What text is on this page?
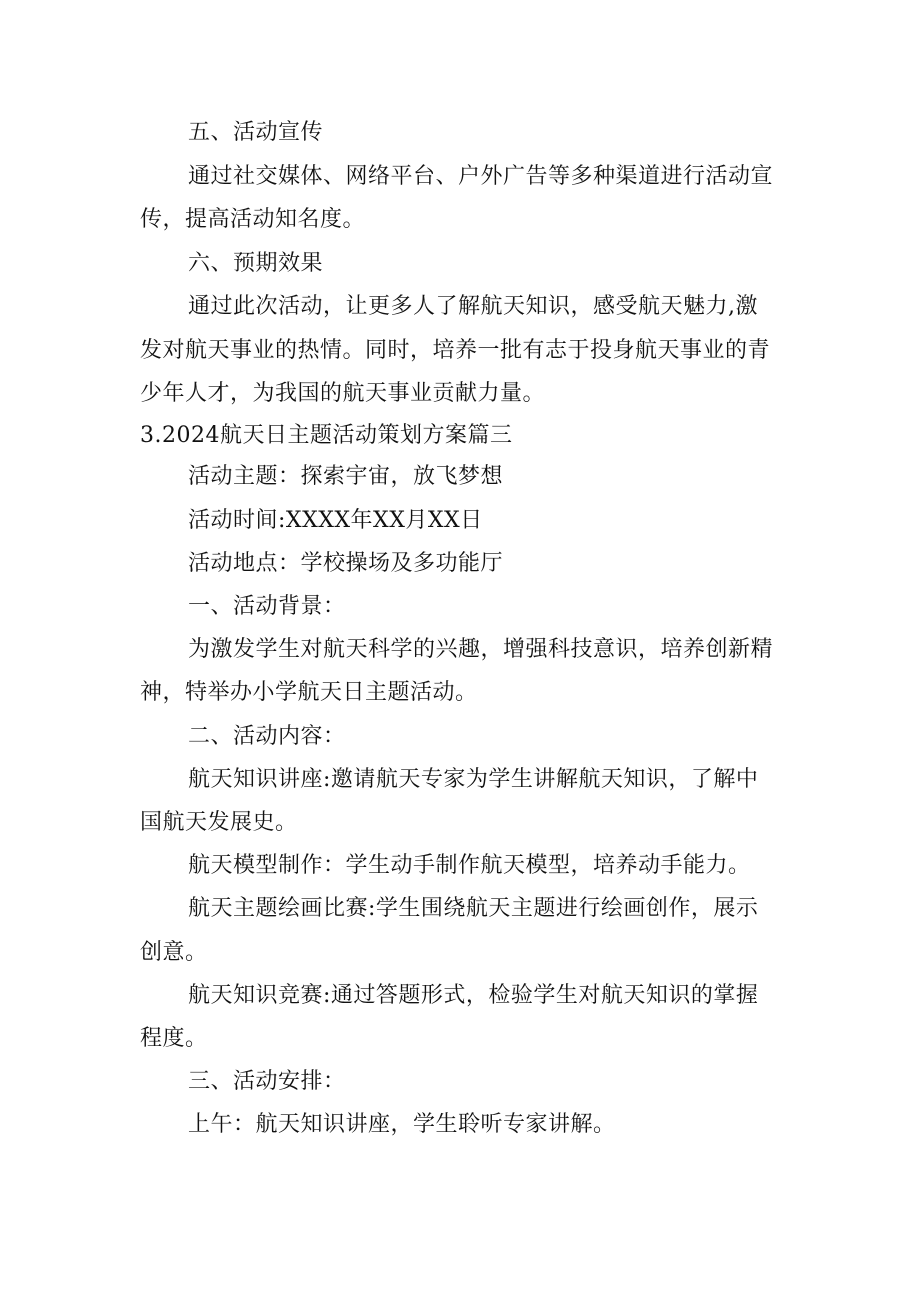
五、活动宣传
通过社交媒体、网络平台、户外广告等多种渠道进行活动宣
传，提高活动知名度。
六、预期效果
通过此次活动，让更多人了解航天知识，感受航天魅力,激
发对航天事业的热情。同时，培养一批有志于投身航天事业的青
少年人才，为我国的航天事业贡献力量。
3.2024航天日主题活动策划方案篇三
活动主题：探索宇宙，放飞梦想
活动时间:XXXX年XX月XX日
活动地点：学校操场及多功能厅
一、活动背景：
为激发学生对航天科学的兴趣，增强科技意识，培养创新精
神，特举办小学航天日主题活动。
二、活动内容：
航天知识讲座:邀请航天专家为学生讲解航天知识，了解中
国航天发展史。
航天模型制作：学生动手制作航天模型，培养动手能力。
航天主题绘画比赛:学生围绕航天主题进行绘画创作，展示
创意。
航天知识竞赛:通过答题形式，检验学生对航天知识的掌握
程度。
三、活动安排：
上午：航天知识讲座，学生聆听专家讲解。
